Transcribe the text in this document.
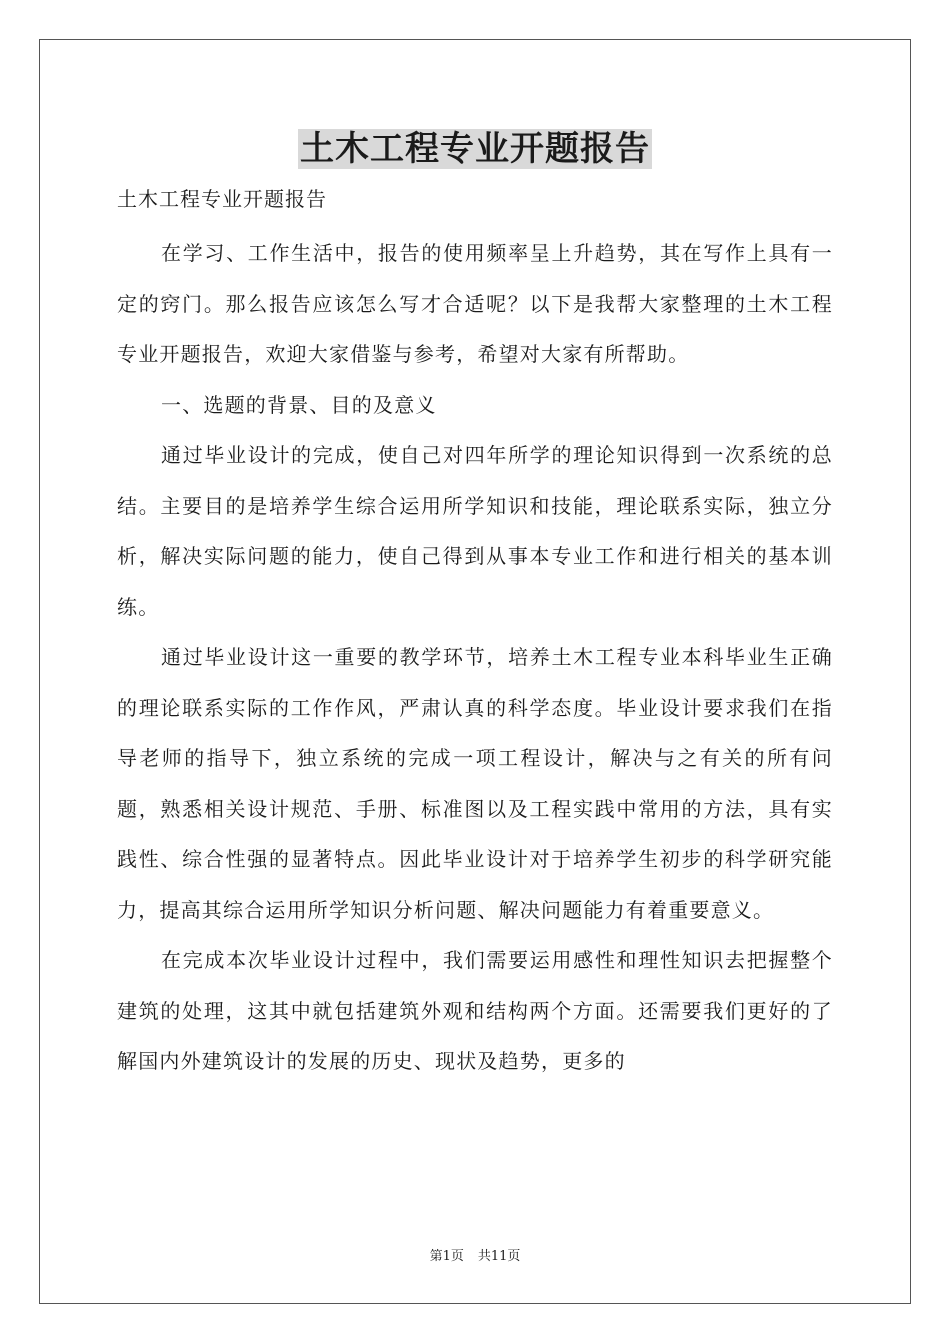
土木工程专业开题报告
土木工程专业开题报告

在学习、工作生活中，报告的使用频率呈上升趋势，其在写作上具有一定的窍门。那么报告应该怎么写才合适呢？以下是我帮大家整理的土木工程专业开题报告，欢迎大家借鉴与参考，希望对大家有所帮助。

一、选题的背景、目的及意义

通过毕业设计的完成，使自己对四年所学的理论知识得到一次系统的总结。主要目的是培养学生综合运用所学知识和技能，理论联系实际，独立分析，解决实际问题的能力，使自己得到从事本专业工作和进行相关的基本训练。

通过毕业设计这一重要的教学环节，培养土木工程专业本科毕业生正确的理论联系实际的工作作风，严肃认真的科学态度。毕业设计要求我们在指导老师的指导下，独立系统的完成一项工程设计，解决与之有关的所有问题，熟悉相关设计规范、手册、标准图以及工程实践中常用的方法，具有实践性、综合性强的显著特点。因此毕业设计对于培养学生初步的科学研究能力，提高其综合运用所学知识分析问题、解决问题能力有着重要意义。

在完成本次毕业设计过程中，我们需要运用感性和理性知识去把握整个建筑的处理，这其中就包括建筑外观和结构两个方面。还需要我们更好的了解国内外建筑设计的发展的历史、现状及趋势，更多的

第1页 共11页
